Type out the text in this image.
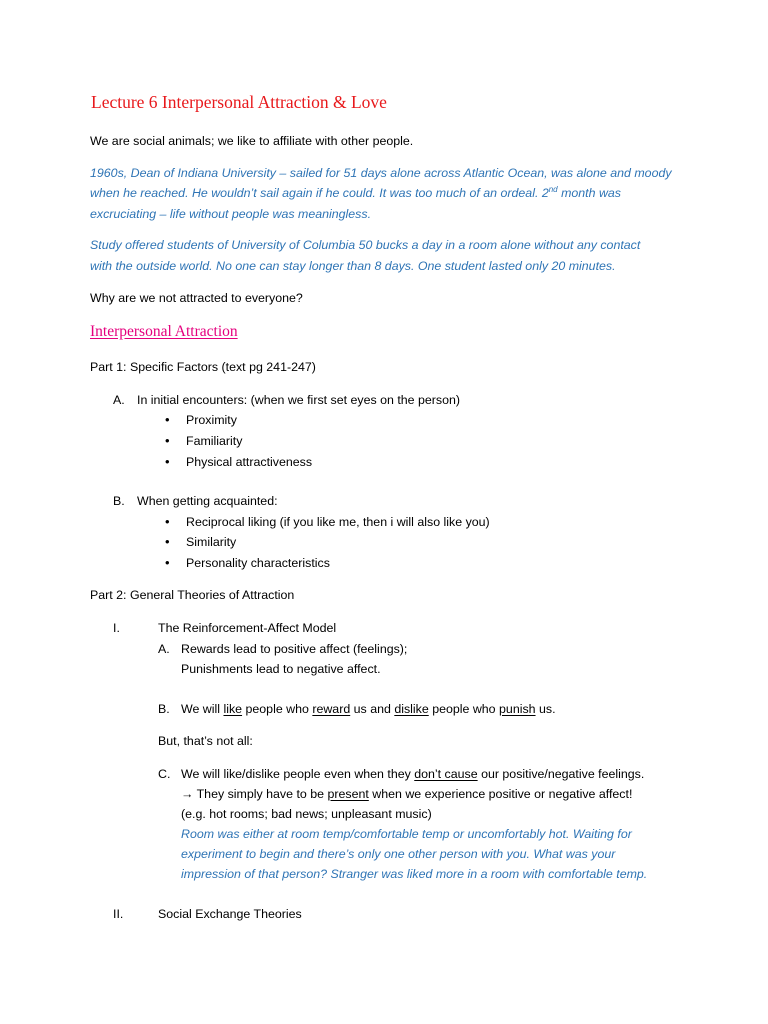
Lecture 6 Interpersonal Attraction & Love
We are social animals; we like to affiliate with other people.
1960s, Dean of Indiana University – sailed for 51 days alone across Atlantic Ocean, was alone and moody
when he reached. He wouldn’t sail again if he could. It was too much of an ordeal. 2nd month was
excruciating – life without people was meaningless.
Study offered students of University of Columbia 50 bucks a day in a room alone without any contact
with the outside world. No one can stay longer than 8 days. One student lasted only 20 minutes.
Why are we not attracted to everyone?
Interpersonal Attraction
Part 1: Specific Factors (text pg 241-247)
A. In initial encounters: (when we first set eyes on the person)
• Proximity
• Familiarity
• Physical attractiveness
B. When getting acquainted:
• Reciprocal liking (if you like me, then i will also like you)
• Similarity
• Personality characteristics
Part 2: General Theories of Attraction
I.	The Reinforcement-Affect Model
A. Rewards lead to positive affect (feelings);
Punishments lead to negative affect.
B. We will like people who reward us and dislike people who punish us.
But, that’s not all:
C. We will like/dislike people even when they don’t cause our positive/negative feelings.
→ They simply have to be present when we experience positive or negative affect!
(e.g. hot rooms; bad news; unpleasant music)
Room was either at room temp/comfortable temp or uncomfortably hot. Waiting for
experiment to begin and there’s only one other person with you. What was your
impression of that person? Stranger was liked more in a room with comfortable temp.
II.	Social Exchange Theories
